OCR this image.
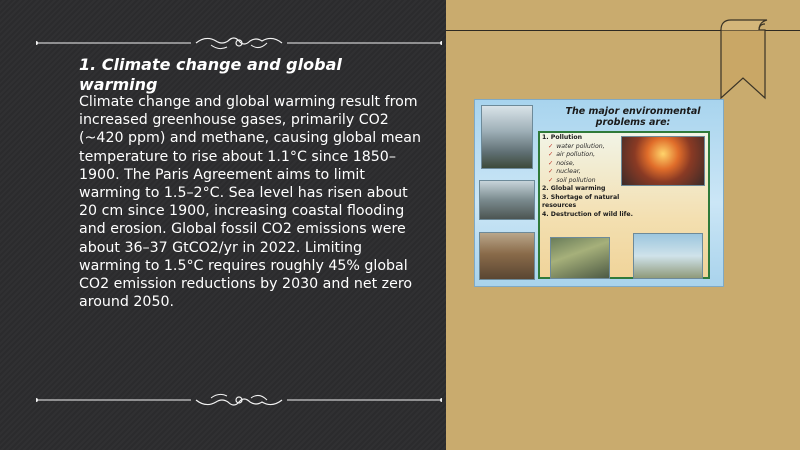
1. Climate change and global warming

Climate change and global warming result from increased greenhouse gases, primarily CO2 (~420 ppm) and methane, causing global mean temperature to rise about 1.1°C since 1850–1900. The Paris Agreement aims to limit warming to 1.5–2°C. Sea level has risen about 20 cm since 1900, increasing coastal flooding and erosion. Global fossil CO2 emissions were about 36–37 GtCO2/yr in 2022. Limiting warming to 1.5°C requires roughly 45% global CO2 emission reductions by 2030 and net zero around 2050.

The major environmental problems are:
1. Pollution
✓ water pollution,
✓ air pollution,
✓ noise,
✓ nuclear,
✓ soil pollution
2. Global warming
3. Shortage of natural resources
4. Destruction of wild life.
